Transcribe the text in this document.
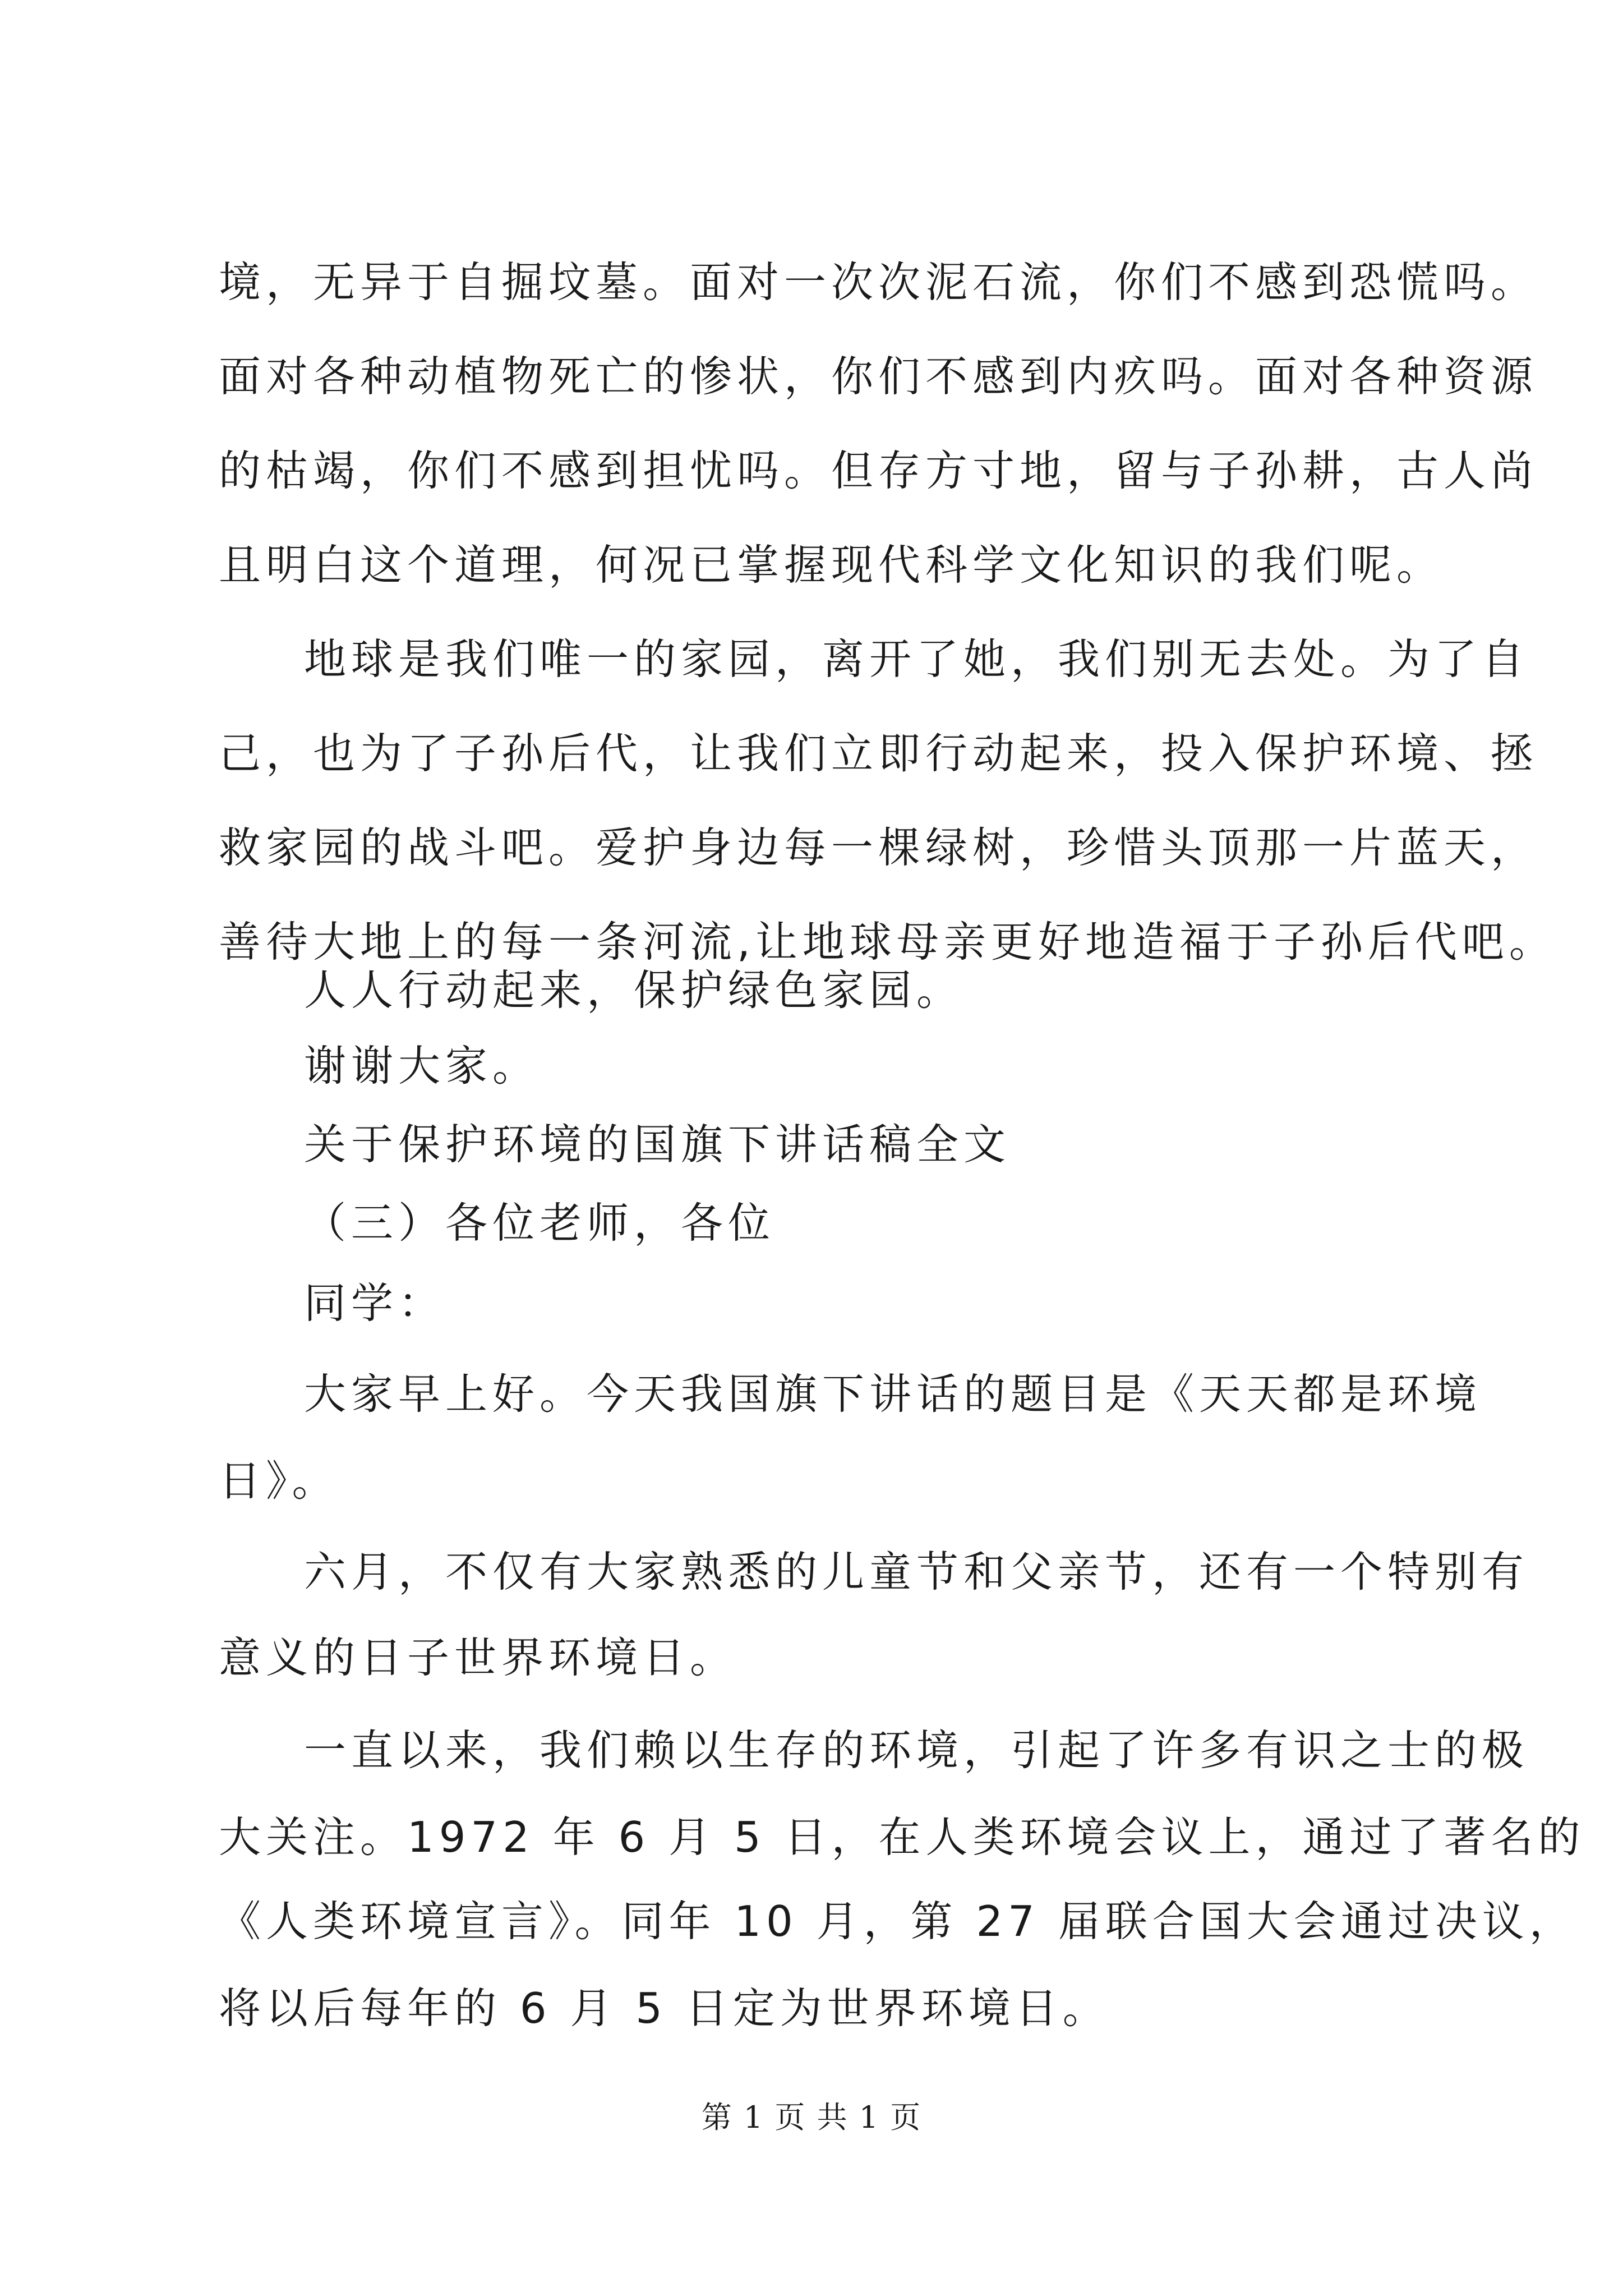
境，无异于自掘坟墓。面对一次次泥石流，你们不感到恐慌吗。
面对各种动植物死亡的惨状，你们不感到内疚吗。面对各种资源
的枯竭，你们不感到担忧吗。但存方寸地，留与子孙耕，古人尚
且明白这个道理，何况已掌握现代科学文化知识的我们呢。
地球是我们唯一的家园，离开了她，我们别无去处。为了自
己，也为了子孙后代，让我们立即行动起来，投入保护环境、拯
救家园的战斗吧。爱护身边每一棵绿树，珍惜头顶那一片蓝天，
善待大地上的每一条河流,让地球母亲更好地造福于子孙后代吧。
人人行动起来，保护绿色家园。
谢谢大家。
关于保护环境的国旗下讲话稿全文
（三）各位老师，各位
同学：
大家早上好。今天我国旗下讲话的题目是《天天都是环境
日》。
六月，不仅有大家熟悉的儿童节和父亲节，还有一个特别有
意义的日子世界环境日。
一直以来，我们赖以生存的环境，引起了许多有识之士的极
大关注。1972 年 6 月 5 日，在人类环境会议上，通过了著名的
《人类环境宣言》。同年 10 月，第 27 届联合国大会通过决议，
将以后每年的 6 月 5 日定为世界环境日。
第 1 页 共 1 页
